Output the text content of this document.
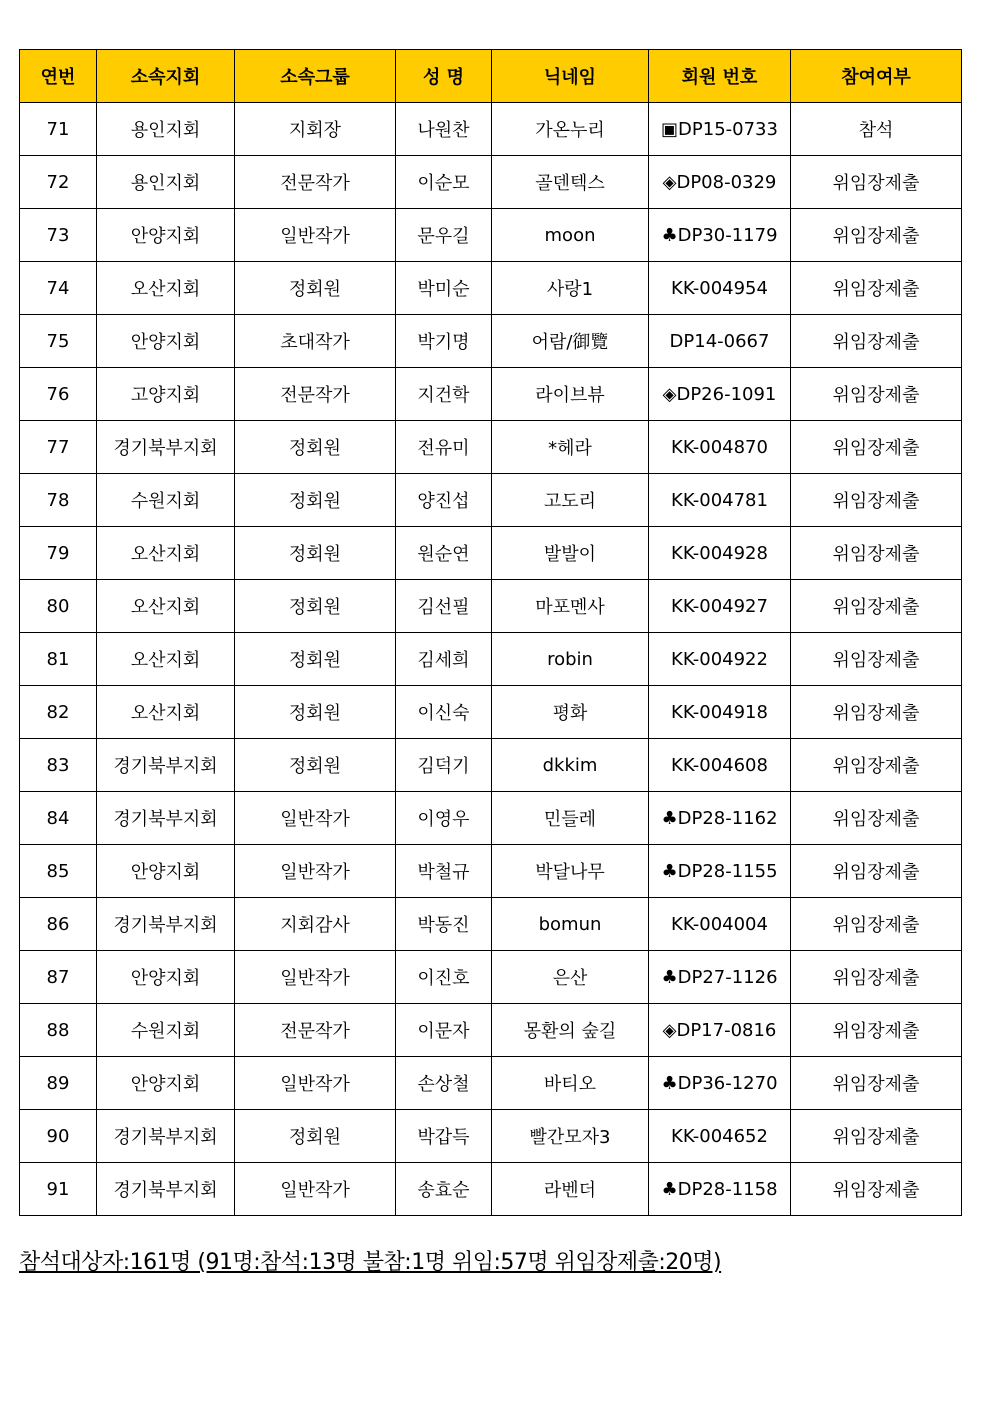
연번	소속지회	소속그룹	성 명	닉네임	회원 번호	참여여부
71	용인지회	지회장	나원찬	가온누리	▣DP15-0733	참석
72	용인지회	전문작가	이순모	골덴텍스	◈DP08-0329	위임장제출
73	안양지회	일반작가	문우길	moon	♣DP30-1179	위임장제출
74	오산지회	정회원	박미순	사랑1	KK-004954	위임장제출
75	안양지회	초대작가	박기명	어람/御覽	DP14-0667	위임장제출
76	고양지회	전문작가	지건학	라이브뷰	◈DP26-1091	위임장제출
77	경기북부지회	정회원	전유미	*헤라	KK-004870	위임장제출
78	수원지회	정회원	양진섭	고도리	KK-004781	위임장제출
79	오산지회	정회원	원순연	발발이	KK-004928	위임장제출
80	오산지회	정회원	김선필	마포멘사	KK-004927	위임장제출
81	오산지회	정회원	김세희	robin	KK-004922	위임장제출
82	오산지회	정회원	이신숙	평화	KK-004918	위임장제출
83	경기북부지회	정회원	김덕기	dkkim	KK-004608	위임장제출
84	경기북부지회	일반작가	이영우	민들레	♣DP28-1162	위임장제출
85	안양지회	일반작가	박철규	박달나무	♣DP28-1155	위임장제출
86	경기북부지회	지회감사	박동진	bomun	KK-004004	위임장제출
87	안양지회	일반작가	이진호	은산	♣DP27-1126	위임장제출
88	수원지회	전문작가	이문자	몽환의 숲길	◈DP17-0816	위임장제출
89	안양지회	일반작가	손상철	바티오	♣DP36-1270	위임장제출
90	경기북부지회	정회원	박갑득	빨간모자3	KK-004652	위임장제출
91	경기북부지회	일반작가	송효순	라벤더	♣DP28-1158	위임장제출
참석대상자:161명 (91명:참석:13명 불참:1명 위임:57명 위임장제출:20명)
